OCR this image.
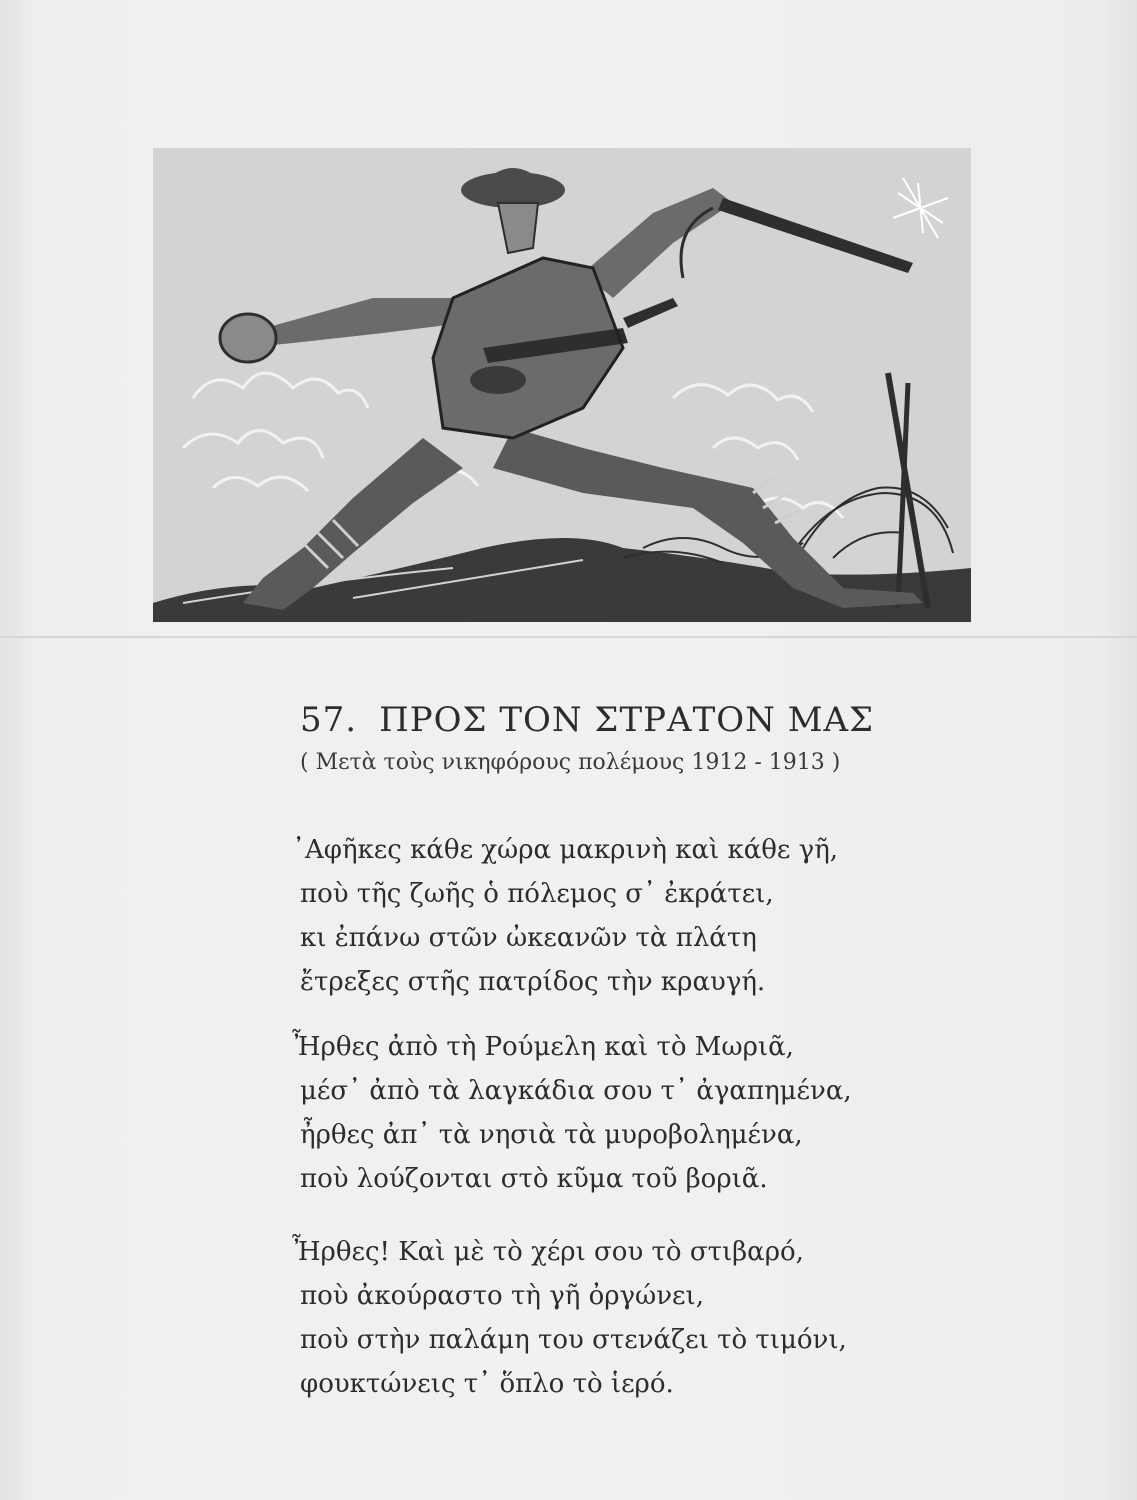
57. ΠΡΟΣ ΤΟΝ ΣΤΡΑΤΟΝ ΜΑΣ
( Μετὰ τοὺς νικηφόρους πολέμους 1912 - 1913 )
᾿Αφῆκες κάθε χώρα μακρινὴ καὶ κάθε γῆ,
ποὺ τῆς ζωῆς ὁ πόλεμος σ᾿ ἐκράτει,
κι ἐπάνω στῶν ὠκεανῶν τὰ πλάτη
ἔτρεξες στῆς πατρίδος τὴν κραυγή.
Ἦρθες ἀπὸ τὴ Ρούμελη καὶ τὸ Μωριᾶ,
μέσ᾿ ἀπὸ τὰ λαγκάδια σου τ᾿ ἀγαπημένα,
ἦρθες ἀπ᾿ τὰ νησιὰ τὰ μυροβολημένα,
ποὺ λούζονται στὸ κῦμα τοῦ βοριᾶ.
Ἦρθες! Καὶ μὲ τὸ χέρι σου τὸ στιβαρό,
ποὺ ἀκούραστο τὴ γῆ ὀργώνει,
ποὺ στὴν παλάμη του στενάζει τὸ τιμόνι,
φουκτώνεις τ᾿ ὅπλο τὸ ἱερό.
